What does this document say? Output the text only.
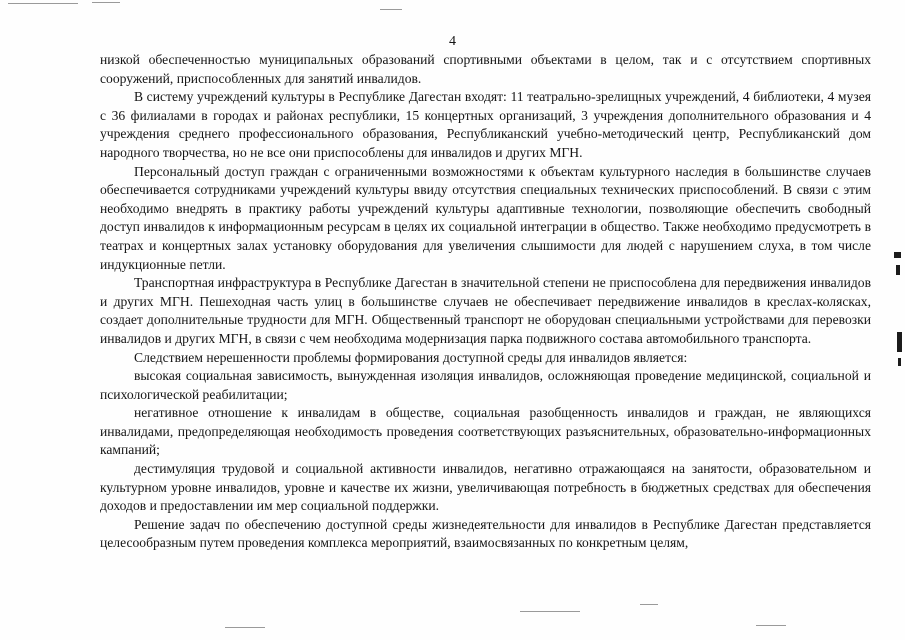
4

низкой обеспеченностью муниципальных образований спортивными объектами в целом, так и с отсутствием спортивных сооружений, приспособленных для занятий инвалидов.

В систему учреждений культуры в Республике Дагестан входят: 11 театрально-зрелищных учреждений, 4 библиотеки, 4 музея с 36 филиалами в городах и районах республики, 15 концертных организаций, 3 учреждения дополнительного образования и 4 учреждения среднего профессионального образования, Республиканский учебно-методический центр, Республиканский дом народного творчества, но не все они приспособлены для инвалидов и других МГН.

Персональный доступ граждан с ограниченными возможностями к объектам культурного наследия в большинстве случаев обеспечивается сотрудниками учреждений культуры ввиду отсутствия специальных технических приспособлений. В связи с этим необходимо внедрять в практику работы учреждений культуры адаптивные технологии, позволяющие обеспечить свободный доступ инвалидов к информационным ресурсам в целях их социальной интеграции в общество. Также необходимо предусмотреть в театрах и концертных залах установку оборудования для увеличения слышимости для людей с нарушением слуха, в том числе индукционные петли.

Транспортная инфраструктура в Республике Дагестан в значительной степени не приспособлена для передвижения инвалидов и других МГН. Пешеходная часть улиц в большинстве случаев не обеспечивает передвижение инвалидов в креслах-колясках, создает дополнительные трудности для МГН. Общественный транспорт не оборудован специальными устройствами для перевозки инвалидов и других МГН, в связи с чем необходима модернизация парка подвижного состава автомобильного транспорта.

Следствием нерешенности проблемы формирования доступной среды для инвалидов является:

высокая социальная зависимость, вынужденная изоляция инвалидов, осложняющая проведение медицинской, социальной и психологической реабилитации;

негативное отношение к инвалидам в обществе, социальная разобщенность инвалидов и граждан, не являющихся инвалидами, предопределяющая необходимость проведения соответствующих разъяснительных, образовательно-информационных кампаний;

дестимуляция трудовой и социальной активности инвалидов, негативно отражающаяся на занятости, образовательном и культурном уровне инвалидов, уровне и качестве их жизни, увеличивающая потребность в бюджетных средствах для обеспечения доходов и предоставлении им мер социальной поддержки.

Решение задач по обеспечению доступной среды жизнедеятельности для инвалидов в Республике Дагестан представляется целесообразным путем проведения комплекса мероприятий, взаимосвязанных по конкретным целям,
